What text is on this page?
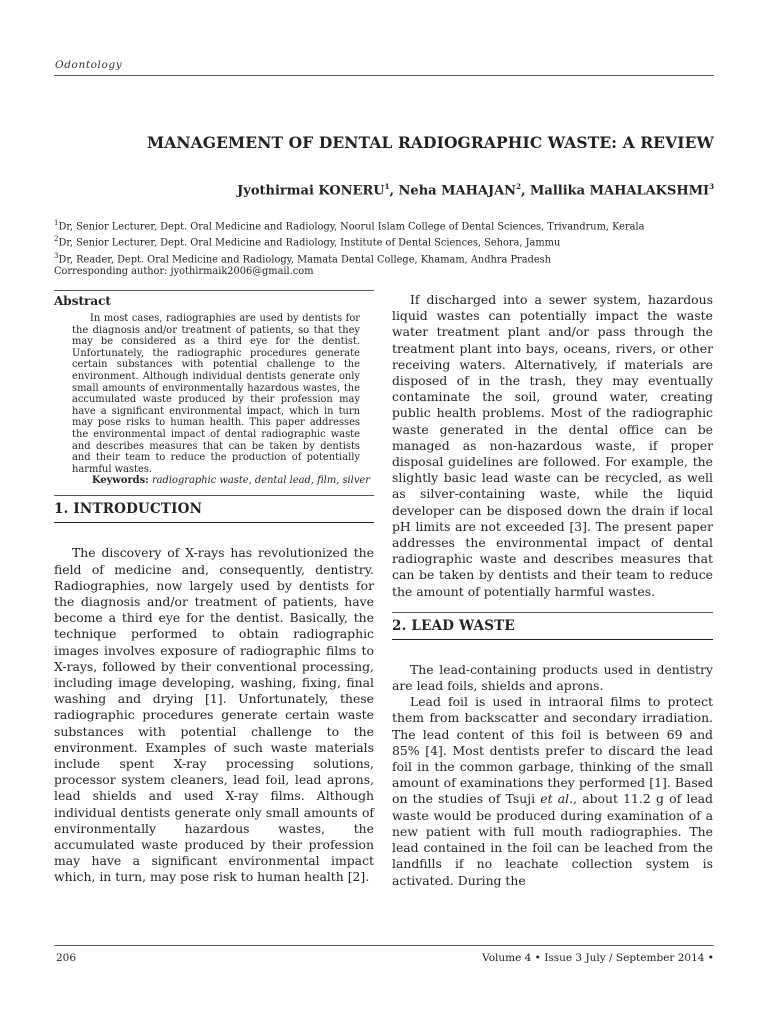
Odontology
MANAGEMENT OF DENTAL RADIOGRAPHIC WASTE: A REVIEW
Jyothirmai KONERU$^1$, Neha MAHAJAN$^2$, Mallika MAHALAKSHMI$^3$
$^1$Dr, Senior Lecturer, Dept. Oral Medicine and Radiology, Noorul Islam College of Dental Sciences, Trivandrum, Kerala
$^2$Dr, Senior Lecturer, Dept. Oral Medicine and Radiology, Institute of Dental Sciences, Sehora, Jammu
$^3$Dr, Reader, Dept. Oral Medicine and Radiology, Mamata Dental College, Khamam, Andhra Pradesh
Corresponding author: jyothirmaik2006@gmail.com
Abstract

In most cases, radiographies are used by dentists for the diagnosis and/or treatment of patients, so that they may be considered as a third eye for the dentist. Unfortunately, the radiographic procedures generate certain substances with potential challenge to the environment. Although individual dentists generate only small amounts of environmentally hazardous wastes, the accumulated waste produced by their profession may have a significant environmental impact, which in turn may pose risks to human health. This paper addresses the environmental impact of dental radiographic waste and describes measures that can be taken by dentists and their team to reduce the production of potentially harmful wastes.

Keywords: radiographic waste, dental lead, film, silver
1. INTRODUCTION

The discovery of X-rays has revolutionized the field of medicine and, consequently, dentistry. Radiographies, now largely used by dentists for the diagnosis and/or treatment of patients, have become a third eye for the dentist. Basically, the technique performed to obtain radiographic images involves exposure of radiographic films to X-rays, followed by their conventional processing, including image developing, washing, fixing, final washing and drying [1]. Unfortunately, these radiographic procedures generate certain waste substances with potential challenge to the environment. Examples of such waste materials include spent X-ray processing solutions, processor system cleaners, lead foil, lead aprons, lead shields and used X-ray films. Although individual dentists generate only small amounts of environmentally hazardous wastes, the accumulated waste produced by their profession may have a significant environmental impact which, in turn, may pose risk to human health [2].

If discharged into a sewer system, hazardous liquid wastes can potentially impact the waste water treatment plant and/or pass through the treatment plant into bays, oceans, rivers, or other receiving waters. Alternatively, if materials are disposed of in the trash, they may eventually contaminate the soil, ground water, creating public health problems. Most of the radiographic waste generated in the dental office can be managed as non-hazardous waste, if proper disposal guidelines are followed. For example, the slightly basic lead waste can be recycled, as well as silver-containing waste, while the liquid developer can be disposed down the drain if local pH limits are not exceeded [3]. The present paper addresses the environmental impact of dental radiographic waste and describes measures that can be taken by dentists and their team to reduce the amount of potentially harmful wastes.

2. LEAD WASTE

The lead-containing products used in dentistry are lead foils, shields and aprons.

Lead foil is used in intraoral films to protect them from backscatter and secondary irradiation. The lead content of this foil is between 69 and 85% [4]. Most dentists prefer to discard the lead foil in the common garbage, thinking of the small amount of examinations they performed [1]. Based on the studies of Tsuji et al., about 11.2 g of lead waste would be produced during examination of a new patient with full mouth radiographies. The lead contained in the foil can be leached from the landfills if no leachate collection system is activated. During the

206	Volume 4 • Issue 3 July / September 2014 •
